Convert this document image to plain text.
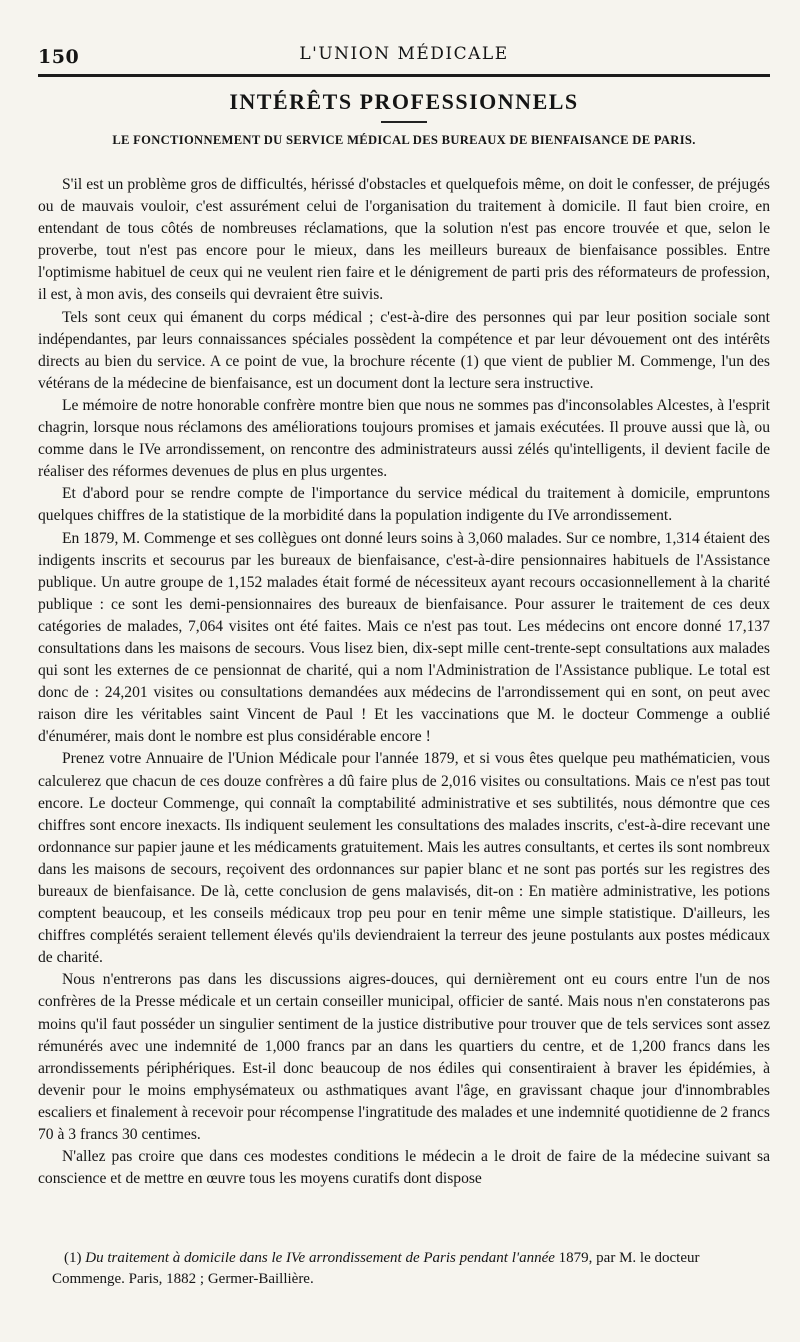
150	L'UNION MÉDICALE
INTÉRÊTS PROFESSIONNELS
LE FONCTIONNEMENT DU SERVICE MÉDICAL DES BUREAUX DE BIENFAISANCE DE PARIS.

S'il est un problème gros de difficultés, hérissé d'obstacles et quelquefois même, on doit le confesser, de préjugés ou de mauvais vouloir, c'est assurément celui de l'organisation du traitement à domicile. Il faut bien croire, en entendant de tous côtés de nombreuses réclamations, que la solution n'est pas encore trouvée et que, selon le proverbe, tout n'est pas encore pour le mieux, dans les meilleurs bureaux de bienfaisance possibles. Entre l'optimisme habituel de ceux qui ne veulent rien faire et le dénigrement de parti pris des réformateurs de profession, il est, à mon avis, des conseils qui devraient être suivis.

Tels sont ceux qui émanent du corps médical ; c'est-à-dire des personnes qui par leur position sociale sont indépendantes, par leurs connaissances spéciales possèdent la compétence et par leur dévouement ont des intérêts directs au bien du service. A ce point de vue, la brochure récente (1) que vient de publier M. Commenge, l'un des vétérans de la médecine de bienfaisance, est un document dont la lecture sera instructive.

Le mémoire de notre honorable confrère montre bien que nous ne sommes pas d'inconsolables Alcestes, à l'esprit chagrin, lorsque nous réclamons des améliorations toujours promises et jamais exécutées. Il prouve aussi que là, ou comme dans le IVe arrondissement, on rencontre des administrateurs aussi zélés qu'intelligents, il devient facile de réaliser des réformes devenues de plus en plus urgentes.

Et d'abord pour se rendre compte de l'importance du service médical du traitement à domicile, empruntons quelques chiffres de la statistique de la morbidité dans la population indigente du IVe arrondissement.

En 1879, M. Commenge et ses collègues ont donné leurs soins à 3,060 malades. Sur ce nombre, 1,314 étaient des indigents inscrits et secourus par les bureaux de bienfaisance, c'est-à-dire pensionnaires habituels de l'Assistance publique. Un autre groupe de 1,152 malades était formé de nécessiteux ayant recours occasionnellement à la charité publique : ce sont les demi-pensionnaires des bureaux de bienfaisance. Pour assurer le traitement de ces deux catégories de malades, 7,064 visites ont été faites. Mais ce n'est pas tout. Les médecins ont encore donné 17,137 consultations dans les maisons de secours. Vous lisez bien, dix-sept mille cent-trente-sept consultations aux malades qui sont les externes de ce pensionnat de charité, qui a nom l'Administration de l'Assistance publique. Le total est donc de : 24,201 visites ou consultations demandées aux médecins de l'arrondissement qui en sont, on peut avec raison dire les véritables saint Vincent de Paul ! Et les vaccinations que M. le docteur Commenge a oublié d'énumérer, mais dont le nombre est plus considérable encore !

Prenez votre Annuaire de l'Union Médicale pour l'année 1879, et si vous êtes quelque peu mathématicien, vous calculerez que chacun de ces douze confrères a dû faire plus de 2,016 visites ou consultations. Mais ce n'est pas tout encore. Le docteur Commenge, qui connaît la comptabilité administrative et ses subtilités, nous démontre que ces chiffres sont encore inexacts. Ils indiquent seulement les consultations des malades inscrits, c'est-à-dire recevant une ordonnance sur papier jaune et les médicaments gratuitement. Mais les autres consultants, et certes ils sont nombreux dans les maisons de secours, reçoivent des ordonnances sur papier blanc et ne sont pas portés sur les registres des bureaux de bienfaisance. De là, cette conclusion de gens malavisés, dit-on : En matière administrative, les potions comptent beaucoup, et les conseils médicaux trop peu pour en tenir même une simple statistique. D'ailleurs, les chiffres complétés seraient tellement élevés qu'ils deviendraient la terreur des jeune postulants aux postes médicaux de charité.

Nous n'entrerons pas dans les discussions aigres-douces, qui dernièrement ont eu cours entre l'un de nos confrères de la Presse médicale et un certain conseiller municipal, officier de santé. Mais nous n'en constaterons pas moins qu'il faut posséder un singulier sentiment de la justice distributive pour trouver que de tels services sont assez rémunérés avec une indemnité de 1,000 francs par an dans les quartiers du centre, et de 1,200 francs dans les arrondissements périphériques. Est-il donc beaucoup de nos édiles qui consentiraient à braver les épidémies, à devenir pour le moins emphysémateux ou asthmatiques avant l'âge, en gravissant chaque jour d'innombrables escaliers et finalement à recevoir pour récompense l'ingratitude des malades et une indemnité quotidienne de 2 francs 70 à 3 francs 30 centimes.

N'allez pas croire que dans ces modestes conditions le médecin a le droit de faire de la médecine suivant sa conscience et de mettre en œuvre tous les moyens curatifs dont dispose

(1) Du traitement à domicile dans le IVe arrondissement de Paris pendant l'année 1879, par M. le docteur Commenge. Paris, 1882 ; Germer-Baillière.
